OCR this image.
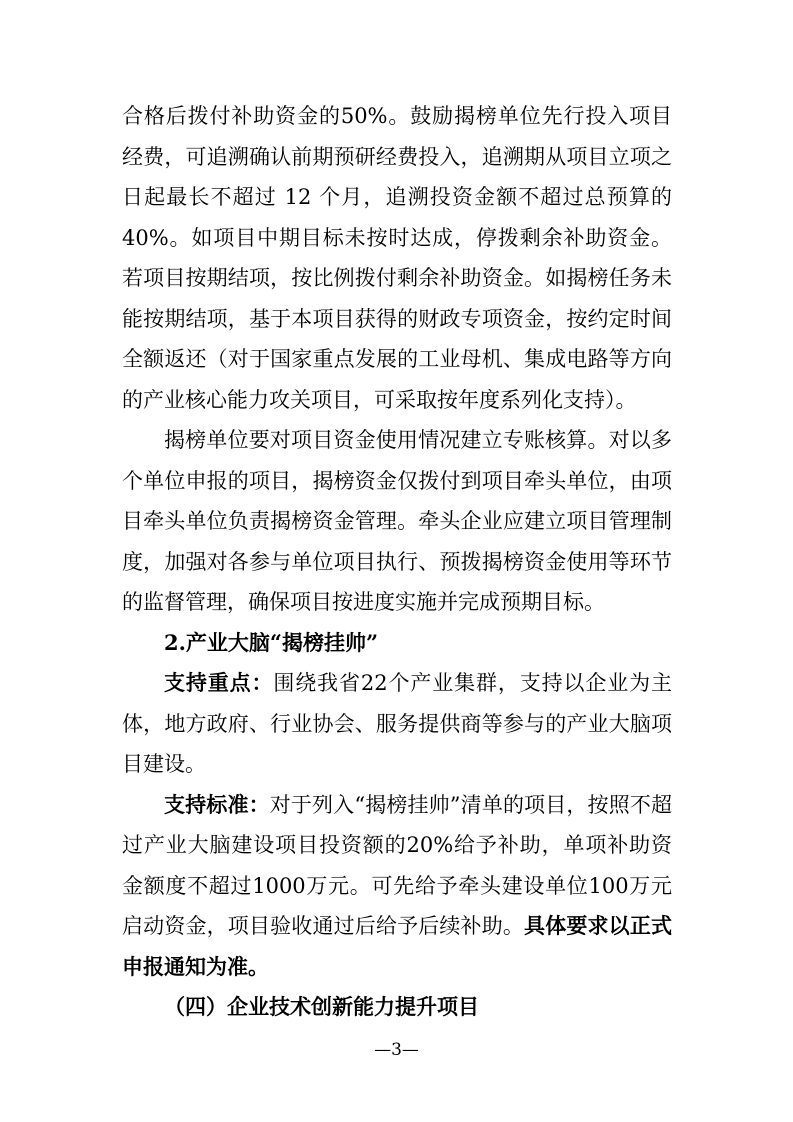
合格后拨付补助资金的50%。鼓励揭榜单位先行投入项目经费，可追溯确认前期预研经费投入，追溯期从项目立项之日起最长不超过 12 个月，追溯投资金额不超过总预算的40%。如项目中期目标未按时达成，停拨剩余补助资金。若项目按期结项，按比例拨付剩余补助资金。如揭榜任务未能按期结项，基于本项目获得的财政专项资金，按约定时间全额返还（对于国家重点发展的工业母机、集成电路等方向的产业核心能力攻关项目，可采取按年度系列化支持）。

揭榜单位要对项目资金使用情况建立专账核算。对以多个单位申报的项目，揭榜资金仅拨付到项目牵头单位，由项目牵头单位负责揭榜资金管理。牵头企业应建立项目管理制度，加强对各参与单位项目执行、预拨揭榜资金使用等环节的监督管理，确保项目按进度实施并完成预期目标。

2.产业大脑“揭榜挂帅”

支持重点：围绕我省22个产业集群，支持以企业为主体，地方政府、行业协会、服务提供商等参与的产业大脑项目建设。

支持标准：对于列入“揭榜挂帅”清单的项目，按照不超过产业大脑建设项目投资额的20%给予补助，单项补助资金额度不超过1000万元。可先给予牵头建设单位100万元启动资金，项目验收通过后给予后续补助。具体要求以正式申报通知为准。

（四）企业技术创新能力提升项目

—3—
